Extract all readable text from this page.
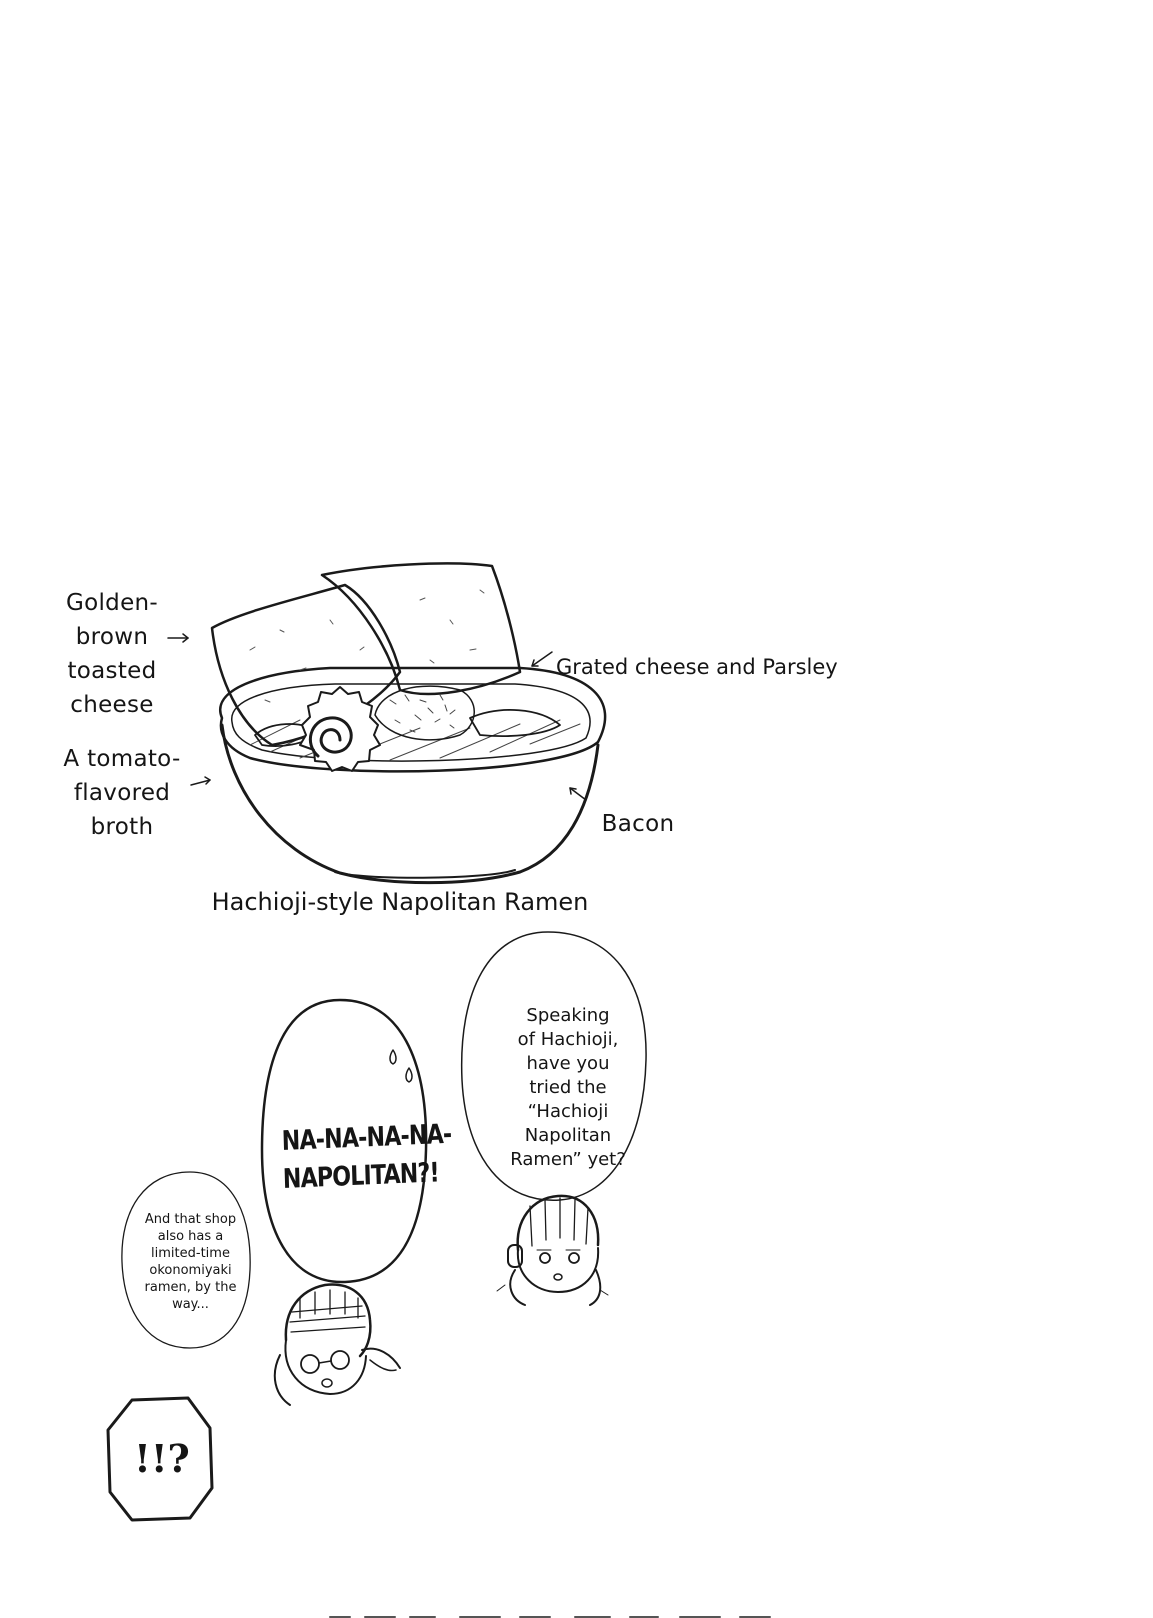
Golden-
brown
toasted
cheese
Grated cheese and Parsley
A tomato-
flavored
broth	Bacon
Hachioji-style Napolitan Ramen
Speaking
of Hachioji,
have you
tried the
“Hachioji
Napolitan
Ramen” yet?
NA-NA-NA-NA-
NAPOLITAN?!
And that shop
also has a
limited-time
okonomiyaki
ramen, by the
way...
!!?
